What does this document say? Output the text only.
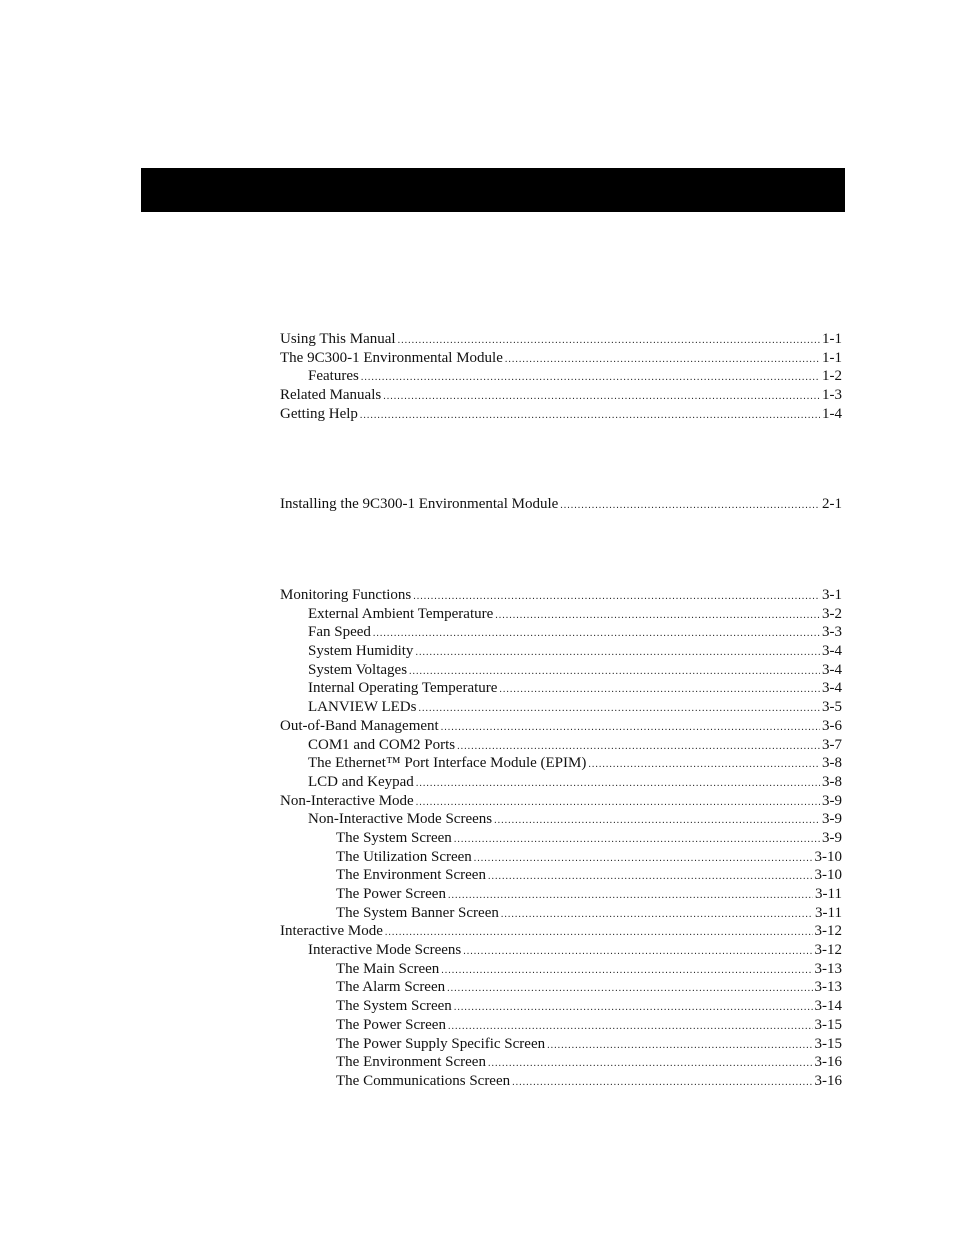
Using This Manual .....	1-1
The 9C300-1 Environmental Module .....	1-1
Features .....	1-2
Related Manuals .....	1-3
Getting Help .....	1-4
Installing the 9C300-1 Environmental Module .....	2-1
Monitoring Functions .....	3-1
External Ambient Temperature .....	3-2
Fan Speed .....	3-3
System Humidity .....	3-4
System Voltages .....	3-4
Internal Operating Temperature .....	3-4
LANVIEW LEDs .....	3-5
Out-of-Band Management .....	3-6
COM1 and COM2 Ports .....	3-7
The Ethernet™ Port Interface Module (EPIM) .....	3-8
LCD and Keypad .....	3-8
Non-Interactive Mode .....	3-9
Non-Interactive Mode Screens .....	3-9
The System Screen .....	3-9
The Utilization Screen .....	3-10
The Environment Screen .....	3-10
The Power Screen .....	3-11
The System Banner Screen .....	3-11
Interactive Mode .....	3-12
Interactive Mode Screens .....	3-12
The Main Screen .....	3-13
The Alarm Screen .....	3-13
The System Screen .....	3-14
The Power Screen .....	3-15
The Power Supply Specific Screen .....	3-15
The Environment Screen .....	3-16
The Communications Screen .....	3-16
